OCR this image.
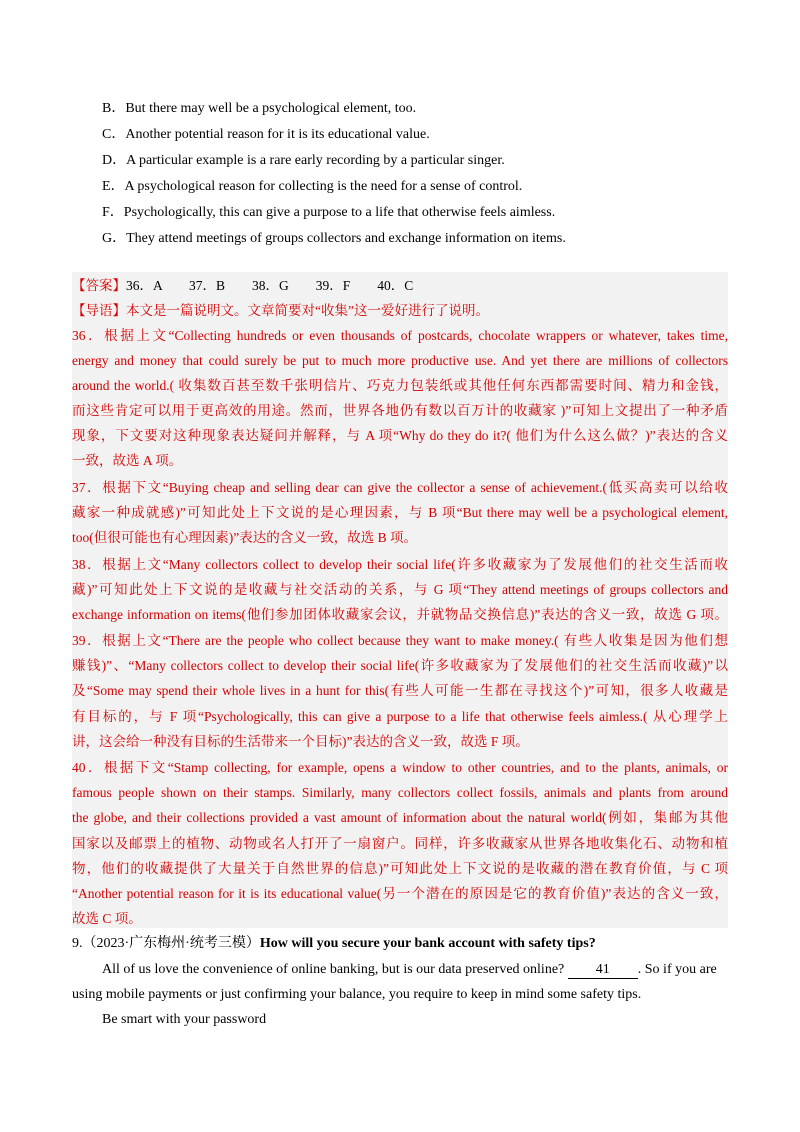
B．But there may well be a psychological element, too.
C．Another potential reason for it is its educational value.
D．A particular example is a rare early recording by a particular singer.
E．A psychological reason for collecting is the need for a sense of control.
F．Psychologically, this can give a purpose to a life that otherwise feels aimless.
G．They attend meetings of groups collectors and exchange information on items.
【答案】36．A　　37．B　　38．G　　39．F　　40．C
【导语】本文是一篇说明文。文章简要对“收集”这一爱好进行了说明。
36．根据上文“Collecting hundreds or even thousands of postcards, chocolate wrappers or whatever, takes time,
energy and money that could surely be put to much more productive use. And yet there are millions of collectors
around the world.( 收集数百甚至数千张明信片、巧克力包装纸或其他任何东西都需要时间、精力和金钱，
而这些肯定可以用于更高效的用途。然而，世界各地仍有数以百万计的收藏家 )”可知上文提出了一种矛盾
现象，下文要对这种现象表达疑问并解释，与 A 项“Why do they do it?( 他们为什么这么做？)”表达的含义
一致，故选 A 项。
37．根据下文“Buying cheap and selling dear can give the collector a sense of achievement.(低买高卖可以给收
藏家一种成就感)”可知此处上下文说的是心理因素，与 B 项“But there may well be a psychological element,
too(但很可能也有心理因素)”表达的含义一致，故选 B 项。
38．根据上文“Many collectors collect to develop their social life(许多收藏家为了发展他们的社交生活而收
藏)”可知此处上下文说的是收藏与社交活动的关系，与 G 项“They attend meetings of groups collectors and
exchange information on items(他们参加团体收藏家会议，并就物品交换信息)”表达的含义一致，故选 G 项。
39．根据上文“There are the people who collect because they want to make money.( 有些人收集是因为他们想
赚钱)”、“Many collectors collect to develop their social life(许多收藏家为了发展他们的社交生活而收藏)”以
及“Some may spend their whole lives in a hunt for this(有些人可能一生都在寻找这个)”可知，很多人收藏是
有目标的，与 F 项“Psychologically, this can give a purpose to a life that otherwise feels aimless.( 从心理学上
讲，这会给一种没有目标的生活带来一个目标)”表达的含义一致，故选 F 项。
40．根据下文“Stamp collecting, for example, opens a window to other countries, and to the plants, animals, or
famous people shown on their stamps. Similarly, many collectors collect fossils, animals and plants from around
the globe, and their collections provided a vast amount of information about the natural world(例如，集邮为其他
国家以及邮票上的植物、动物或名人打开了一扇窗户。同样，许多收藏家从世界各地收集化石、动物和植
物，他们的收藏提供了大量关于自然世界的信息)”可知此处上下文说的是收藏的潜在教育价值，与 C 项
“Another potential reason for it is its educational value(另一个潜在的原因是它的教育价值)”表达的含义一致，
故选 C 项。
9.（2023·广东梅州·统考三模）How will you secure your bank account with safety tips?
All of us love the convenience of online banking, but is our data preserved online? 41 . So if you are
using mobile payments or just confirming your balance, you require to keep in mind some safety tips.
Be smart with your password
